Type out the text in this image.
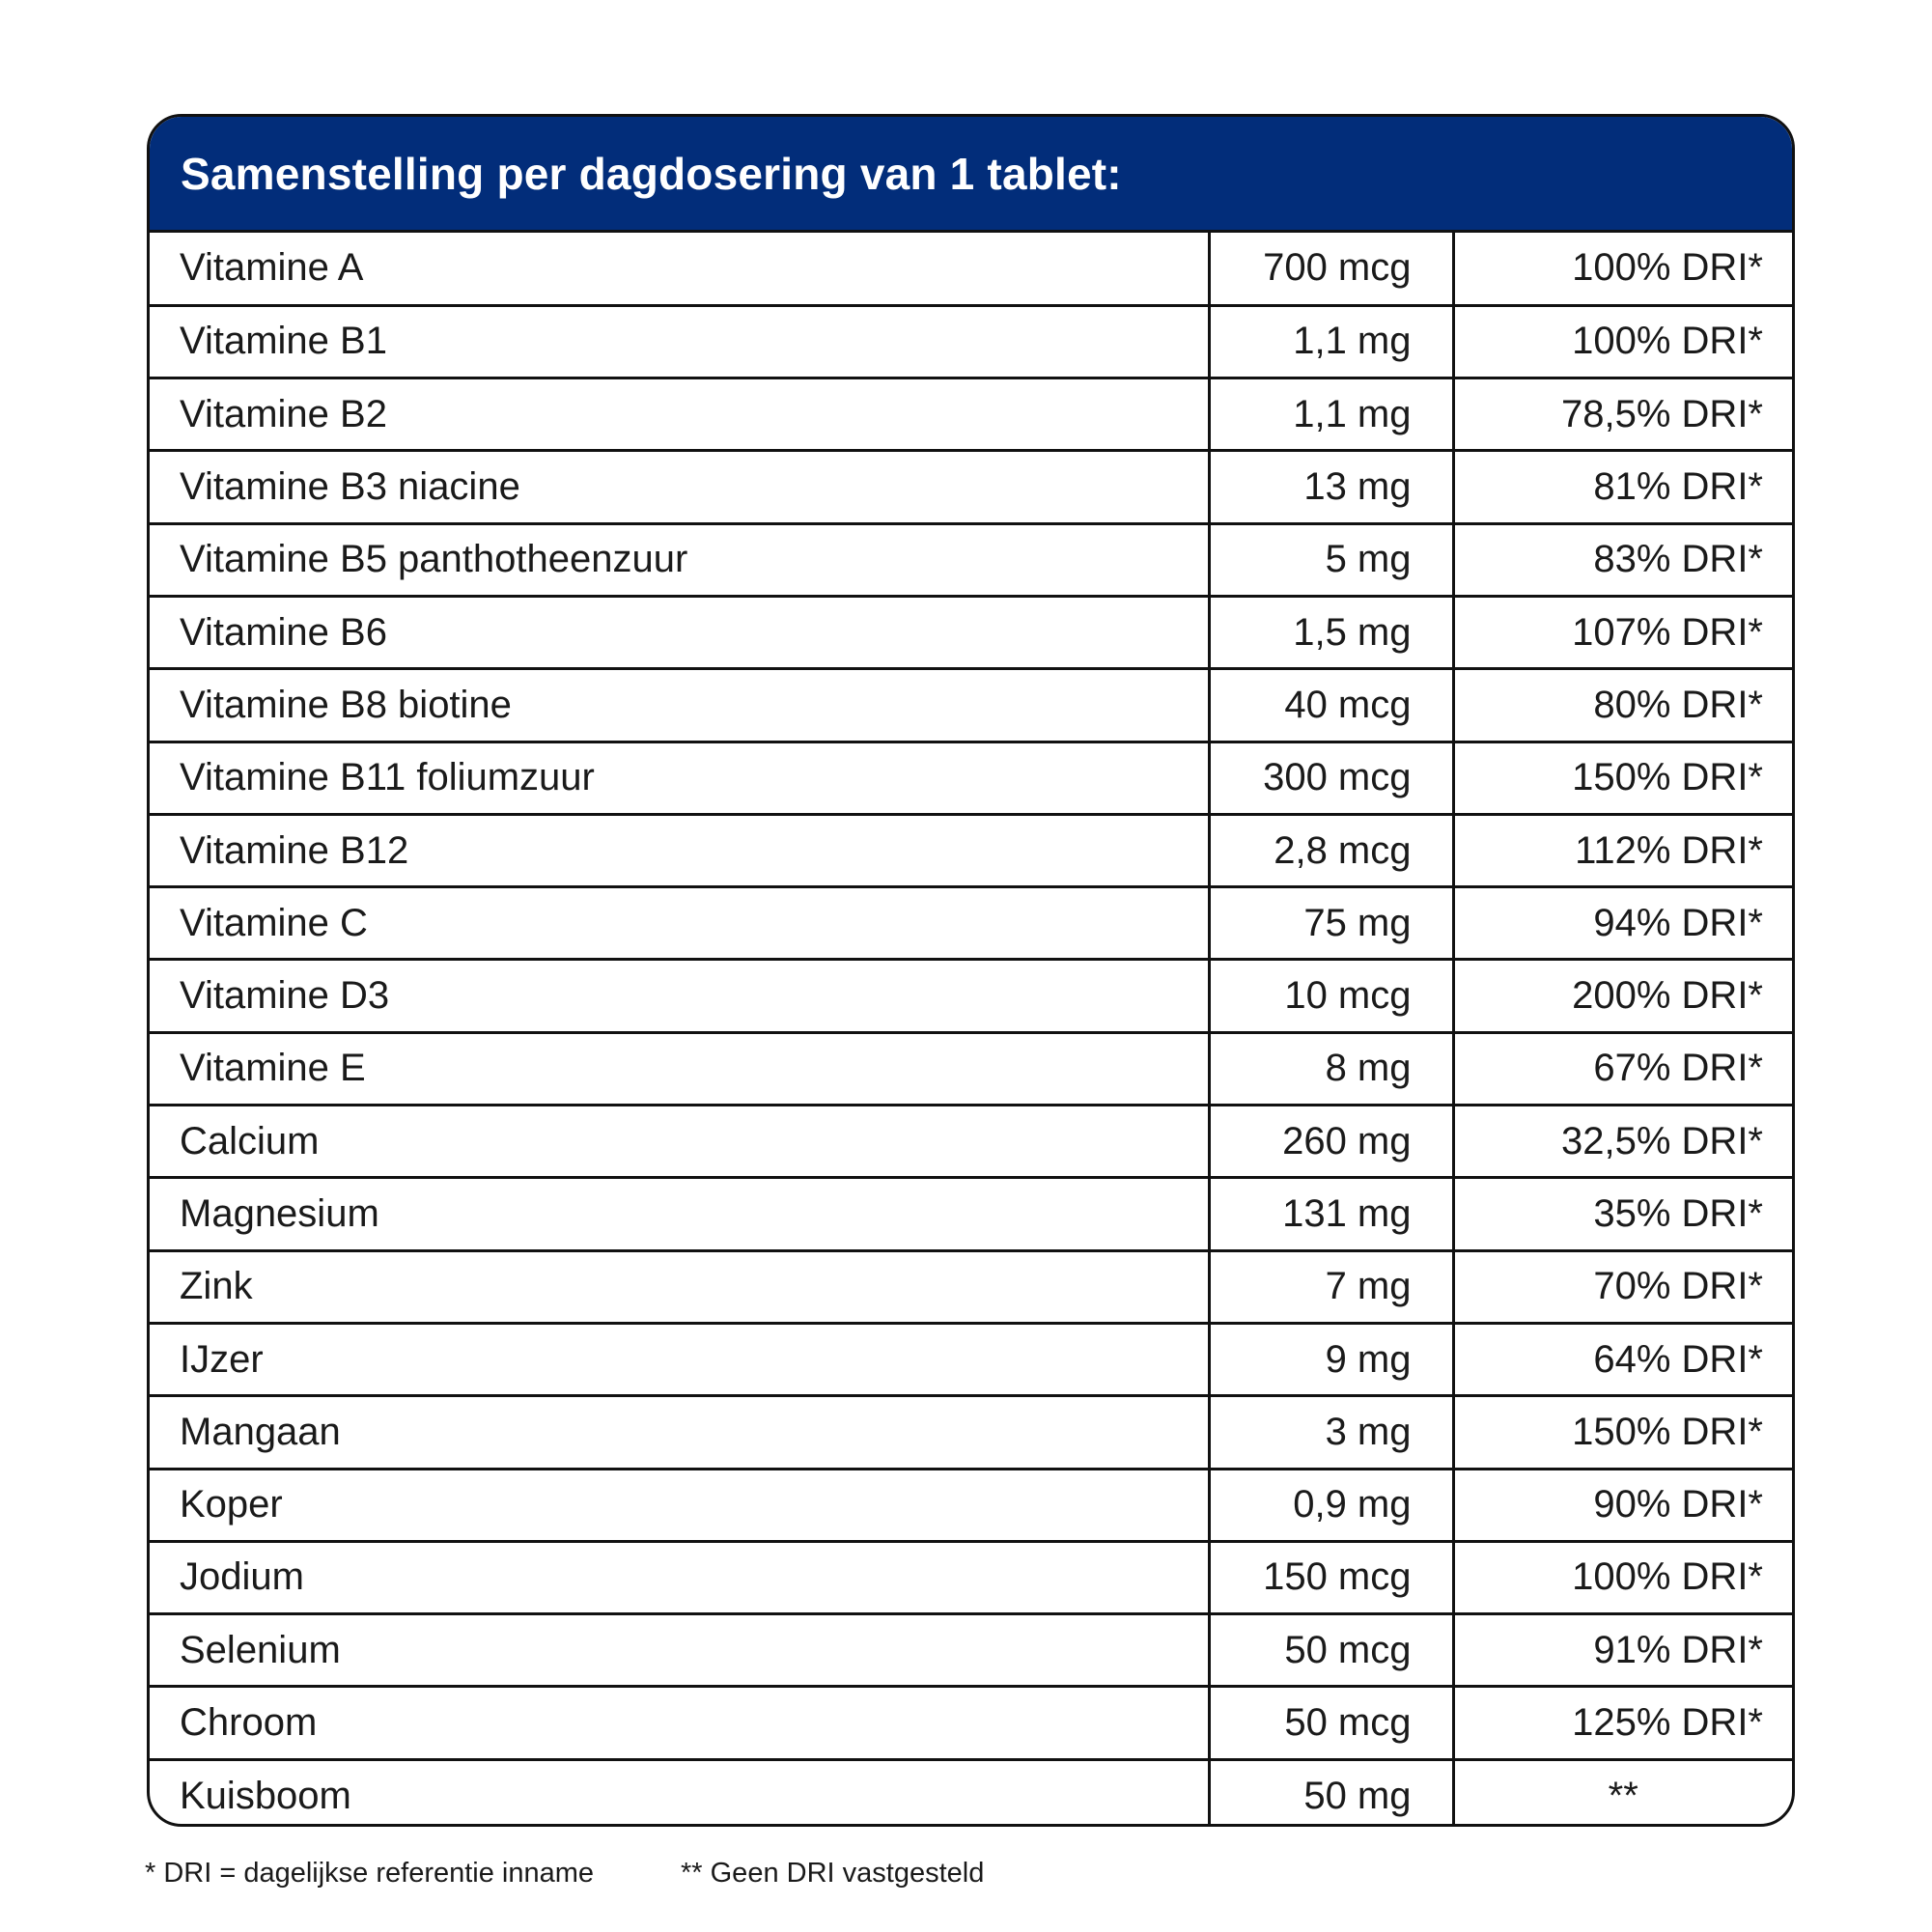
Samenstelling per dagdosering van 1 tablet:
Vitamine A	700 mcg	100% DRI*
Vitamine B1	1,1 mg	100% DRI*
Vitamine B2	1,1 mg	78,5% DRI*
Vitamine B3 niacine	13 mg	81% DRI*
Vitamine B5 panthotheenzuur	5 mg	83% DRI*
Vitamine B6	1,5 mg	107% DRI*
Vitamine B8 biotine	40 mcg	80% DRI*
Vitamine B11 foliumzuur	300 mcg	150% DRI*
Vitamine B12	2,8 mcg	112% DRI*
Vitamine C	75 mg	94% DRI*
Vitamine D3	10 mcg	200% DRI*
Vitamine E	8 mg	67% DRI*
Calcium	260 mg	32,5% DRI*
Magnesium	131 mg	35% DRI*
Zink	7 mg	70% DRI*
IJzer	9 mg	64% DRI*
Mangaan	3 mg	150% DRI*
Koper	0,9 mg	90% DRI*
Jodium	150 mcg	100% DRI*
Selenium	50 mcg	91% DRI*
Chroom	50 mcg	125% DRI*
Kuisboom	50 mg	**
* DRI = dagelijkse referentie inname	** Geen DRI vastgesteld
